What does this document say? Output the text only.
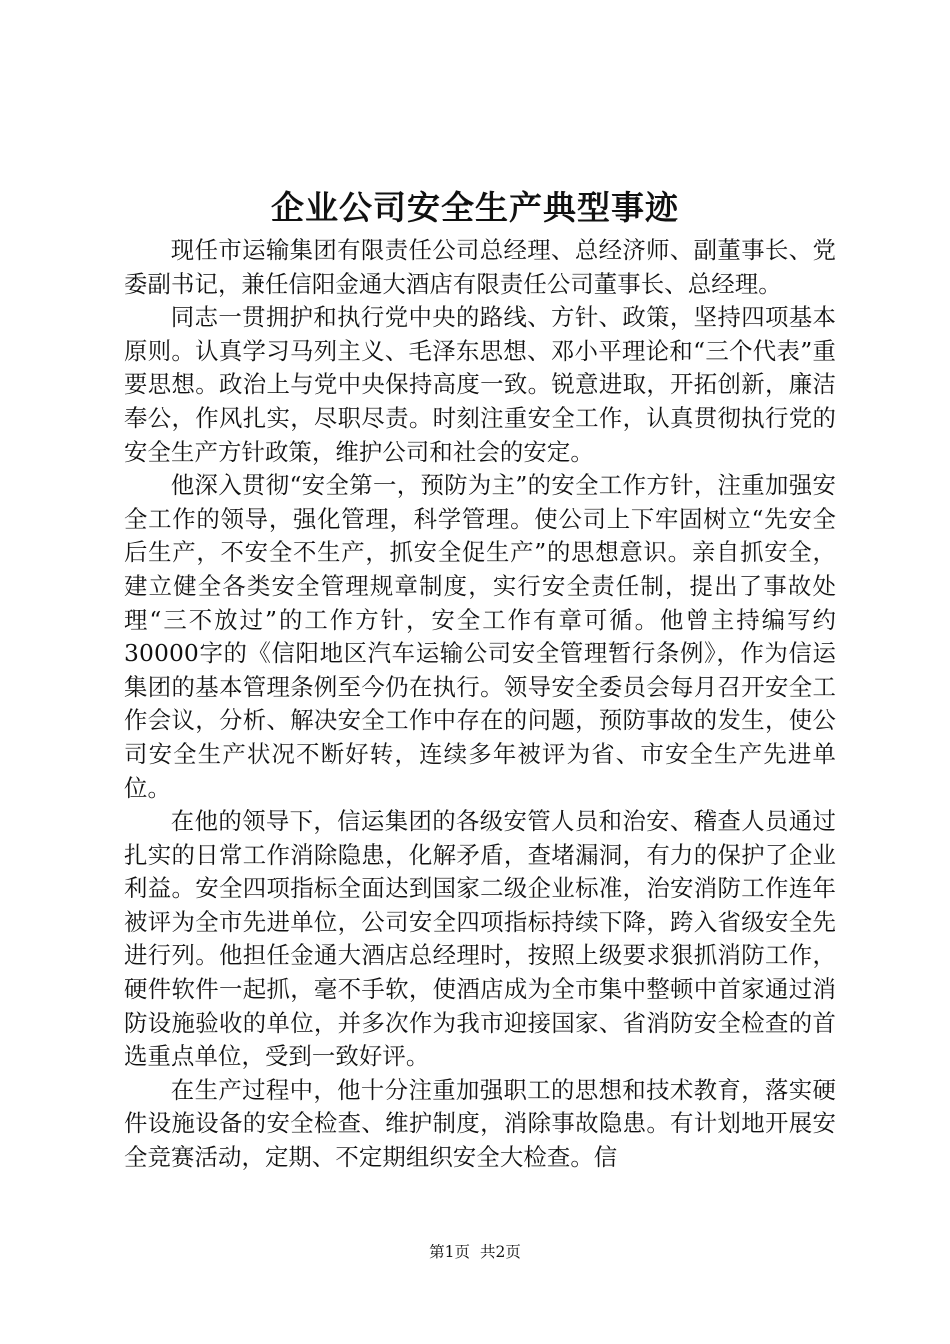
企业公司安全生产典型事迹

现任市运输集团有限责任公司总经理、总经济师、副董事长、党委副书记，兼任信阳金通大酒店有限责任公司董事长、总经理。

同志一贯拥护和执行党中央的路线、方针、政策，坚持四项基本原则。认真学习马列主义、毛泽东思想、邓小平理论和“三个代表”重要思想。政治上与党中央保持高度一致。锐意进取，开拓创新，廉洁奉公，作风扎实，尽职尽责。时刻注重安全工作，认真贯彻执行党的安全生产方针政策，维护公司和社会的安定。

他深入贯彻“安全第一，预防为主”的安全工作方针，注重加强安全工作的领导，强化管理，科学管理。使公司上下牢固树立“先安全后生产，不安全不生产，抓安全促生产”的思想意识。亲自抓安全，建立健全各类安全管理规章制度，实行安全责任制，提出了事故处理“三不放过”的工作方针，安全工作有章可循。他曾主持编写约30000字的《信阳地区汽车运输公司安全管理暂行条例》，作为信运集团的基本管理条例至今仍在执行。领导安全委员会每月召开安全工作会议，分析、解决安全工作中存在的问题，预防事故的发生，使公司安全生产状况不断好转，连续多年被评为省、市安全生产先进单位。

在他的领导下，信运集团的各级安管人员和治安、稽查人员通过扎实的日常工作消除隐患，化解矛盾，查堵漏洞，有力的保护了企业利益。安全四项指标全面达到国家二级企业标准，治安消防工作连年被评为全市先进单位，公司安全四项指标持续下降，跨入省级安全先进行列。他担任金通大酒店总经理时，按照上级要求狠抓消防工作，硬件软件一起抓，毫不手软，使酒店成为全市集中整顿中首家通过消防设施验收的单位，并多次作为我市迎接国家、省消防安全检查的首选重点单位，受到一致好评。

在生产过程中，他十分注重加强职工的思想和技术教育，落实硬件设施设备的安全检查、维护制度，消除事故隐患。有计划地开展安全竞赛活动，定期、不定期组织安全大检查。信

第1页 共2页
